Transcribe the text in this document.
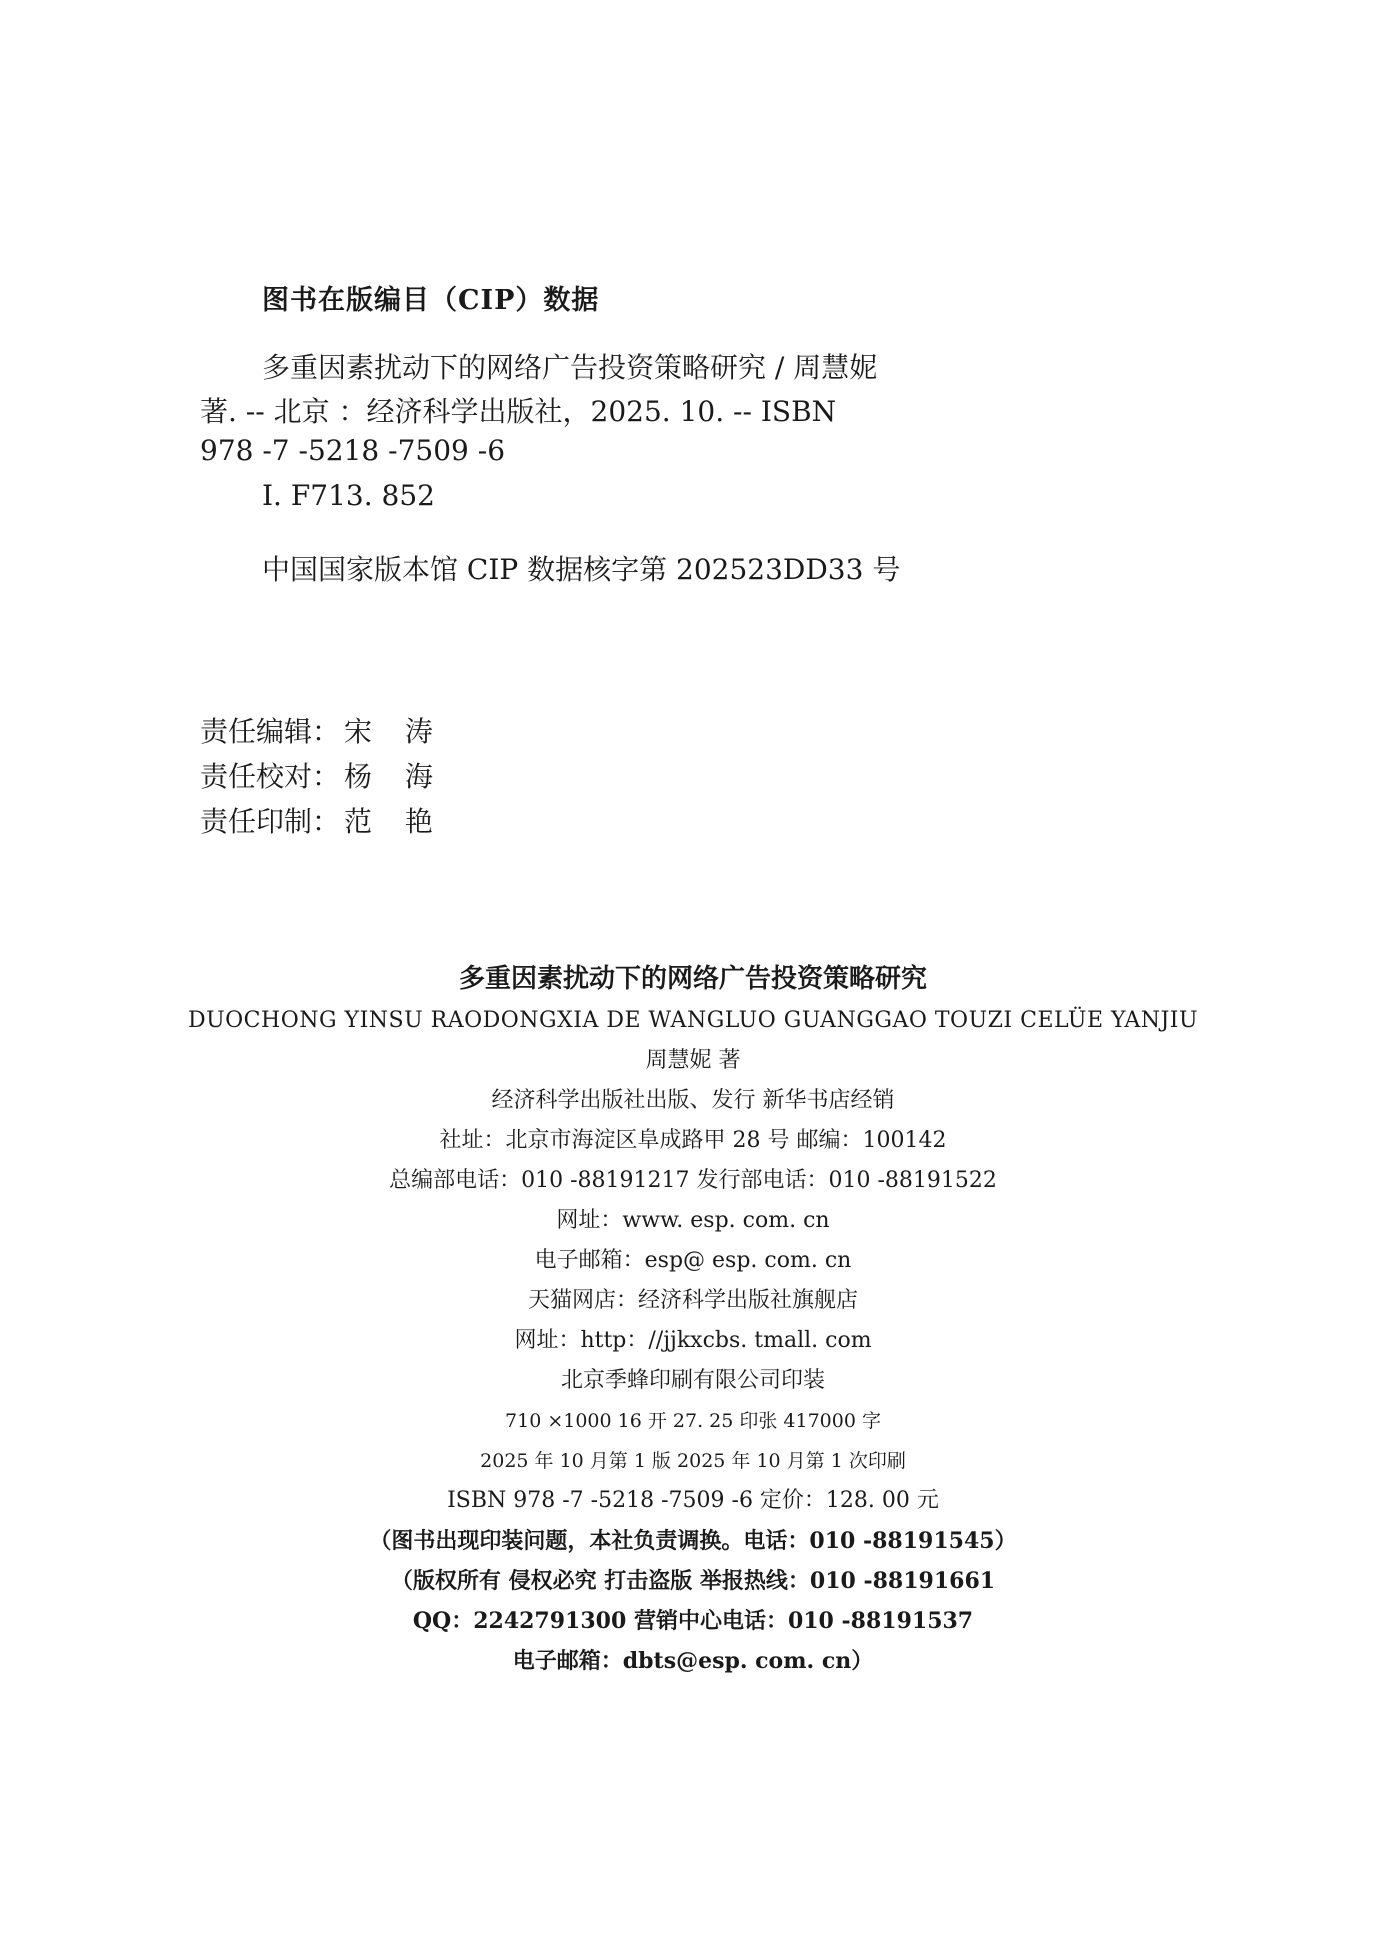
图书在版编目（CIP）数据
多重因素扰动下的网络广告投资策略研究 / 周慧妮
著. -- 北京 ：经济科学出版社，2025. 10. -- ISBN
978 -7 -5218 -7509 -6
Ⅰ. F713. 852
中国国家版本馆 CIP 数据核字第 202523DD33 号
责任编辑： 宋 涛
责任校对： 杨 海
责任印制： 范 艳
多重因素扰动下的网络广告投资策略研究
DUOCHONG YINSU RAODONGXIA DE WANGLUO GUANGGAO TOUZI CELÜE YANJIU
周慧妮 著
经济科学出版社出版、发行 新华书店经销
社址：北京市海淀区阜成路甲 28 号 邮编：100142
总编部电话：010 -88191217 发行部电话：010 -88191522
网址：www. esp. com. cn
电子邮箱：esp@ esp. com. cn
天猫网店：经济科学出版社旗舰店
网址：http：//jjkxcbs. tmall. com
北京季蜂印刷有限公司印装
710 ×1000 16 开 27. 25 印张 417000 字
2025 年 10 月第 1 版 2025 年 10 月第 1 次印刷
ISBN 978 -7 -5218 -7509 -6 定价：128. 00 元
（图书出现印装问题，本社负责调换。电话：010 -88191545）
（版权所有 侵权必究 打击盗版 举报热线：010 -88191661
QQ：2242791300 营销中心电话：010 -88191537
电子邮箱：dbts@esp. com. cn）
